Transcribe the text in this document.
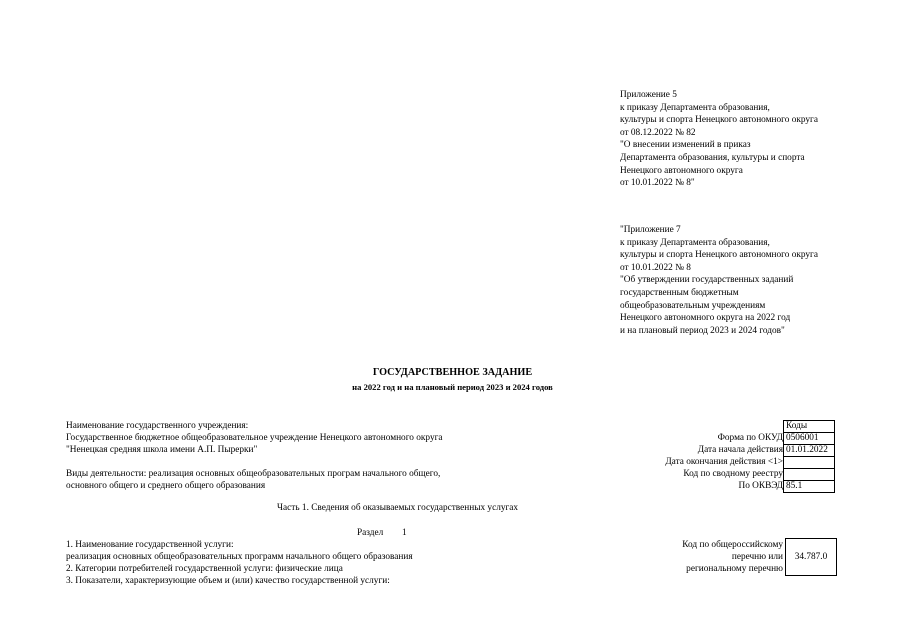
Приложение 5
к приказу Департамента образования,
культуры и спорта Ненецкого автономного округа
от 08.12.2022 № 82
"О внесении изменений в приказ
Департамента образования, культуры и спорта
Ненецкого автономного округа
от 10.01.2022 № 8"
"Приложение 7
к приказу Департамента образования,
культуры и спорта Ненецкого автономного округа
от 10.01.2022 № 8
"Об утверждении государственных заданий
государственным бюджетным
общеобразовательным учреждениям
Ненецкого автономного округа на 2022 год
и на плановый период 2023 и 2024 годов"
ГОСУДАРСТВЕННОЕ ЗАДАНИЕ
на 2022 год и на плановый период 2023 и 2024 годов
Наименование государственного учреждения:
Государственное бюджетное общеобразовательное учреждение Ненецкого автономного округа
"Ненецкая средняя школа имени А.П. Пырерки"
Виды деятельности: реализация основных общеобразовательных програм начального общего,
основного общего и среднего общего образования
Форма по ОКУД
Дата начала действия
Дата окончания действия <1>
Код по сводному реестру
По ОКВЭД
Коды
0506001
01.01.2022
85.1
Часть 1. Сведения об оказываемых государственных услугах
Раздел 1
1. Наименование государственной услуги:
реализация основных общеобразовательных программ начального общего образования
2. Категории потребителей государственной услуги: физические лица
3. Показатели, характеризующие объем и (или) качество государственной услуги:
Код по общероссийскому
перечню или
региональному перечню
34.787.0
